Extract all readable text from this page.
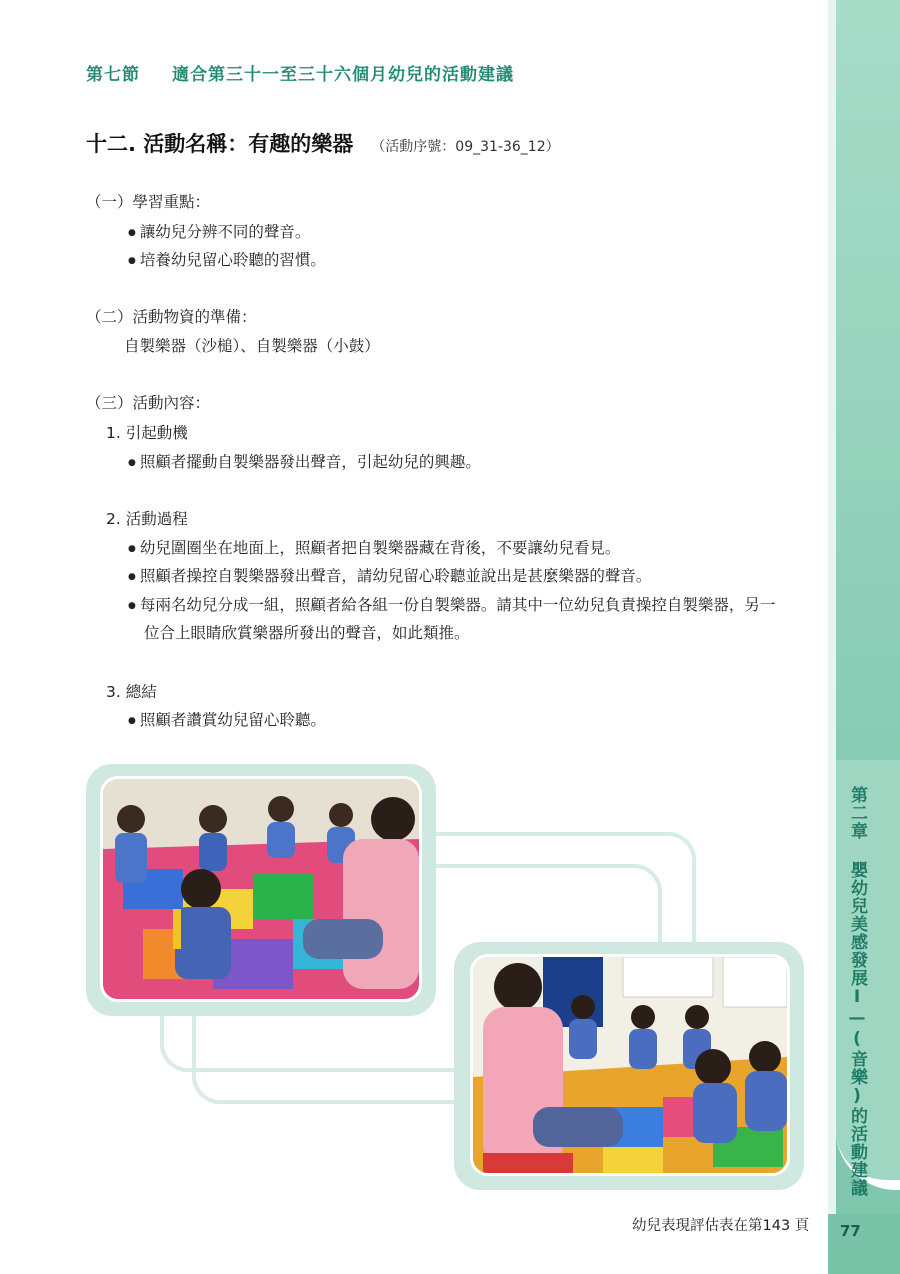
第七節 適合第三十一至三十六個月幼兒的活動建議
十二. 活動名稱：有趣的樂器 （活動序號：09_31-36_12）
（一）學習重點：
● 讓幼兒分辨不同的聲音。
● 培養幼兒留心聆聽的習慣。
（二）活動物資的準備：
自製樂器（沙槌）、自製樂器（小鼓）
（三）活動內容：
1. 引起動機
● 照顧者擺動自製樂器發出聲音，引起幼兒的興趣。
2. 活動過程
● 幼兒圍圈坐在地面上，照顧者把自製樂器藏在背後，不要讓幼兒看見。
● 照顧者操控自製樂器發出聲音，請幼兒留心聆聽並說出是甚麼樂器的聲音。
● 每兩名幼兒分成一組，照顧者給各組一份自製樂器。請其中一位幼兒負責操控自製樂器，另一
位合上眼睛欣賞樂器所發出的聲音，如此類推。
3. 總結
● 照顧者讚賞幼兒留心聆聽。
第二章 嬰幼兒美感發展I—(音樂)的活動建議
幼兒表現評估表在第143 頁 77
